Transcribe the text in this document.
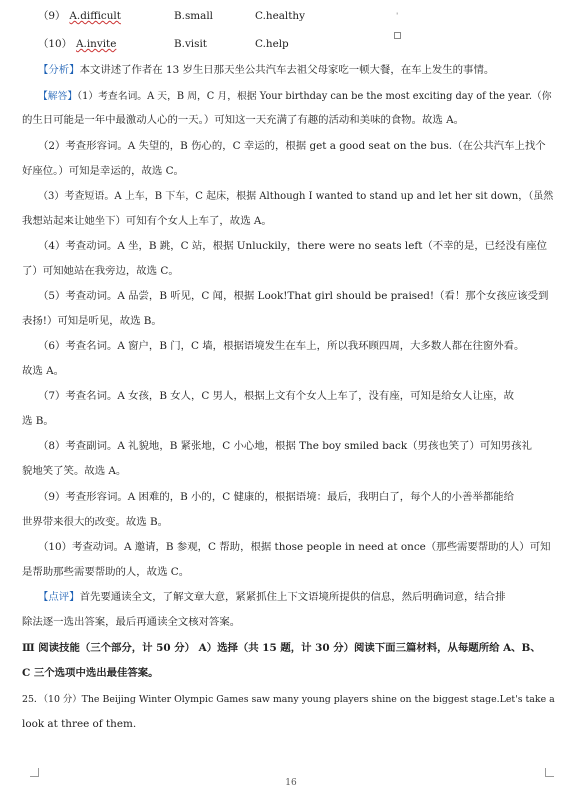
（9） A.difficult	B.small	C.healthy
（10） A.invite	B.visit	C.help
【分析】本文讲述了作者在 13 岁生日那天坐公共汽车去祖父母家吃一顿大餐，在车上发生的事情。
【解答】（1）考查名词。A 天，B 周，C 月，根据 Your birthday can be the most exciting day of the year.（你
的生日可能是一年中最激动人心的一天。）可知这一天充满了有趣的活动和美味的食物。故选 A。
（2）考查形容词。A 失望的，B 伤心的，C 幸运的，根据 get a good seat on the bus.（在公共汽车上找个
好座位。）可知是幸运的，故选 C。
（3）考查短语。A 上车，B 下车，C 起床，根据 Although I wanted to stand up and let her sit down，（虽然
我想站起来让她坐下）可知有个女人上车了，故选 A。
（4）考查动词。A 坐，B 跳，C 站，根据 Unluckily，there were no seats left（不幸的是，已经没有座位
了）可知她站在我旁边，故选 C。
（5）考查动词。A 品尝，B 听见，C 闻，根据 Look!That girl should be praised!（看！那个女孩应该受到
表扬!）可知是听见，故选 B。
（6）考查名词。A 窗户，B 门，C 墙，根据语境发生在车上，所以我环顾四周，大多数人都在往窗外看。
故选 A。
（7）考查名词。A 女孩，B 女人，C 男人，根据上文有个女人上车了，没有座，可知是给女人让座，故
选 B。
（8）考查副词。A 礼貌地，B 紧张地，C 小心地，根据 The boy smiled back（男孩也笑了）可知男孩礼
貌地笑了笑。故选 A。
（9）考查形容词。A 困难的，B 小的，C 健康的，根据语境：最后，我明白了，每个人的小善举都能给
世界带来很大的改变。故选 B。
（10）考查动词。A 邀请，B 参观，C 帮助，根据 those people in need at once（那些需要帮助的人）可知
是帮助那些需要帮助的人，故选 C。
【点评】首先要通读全文，了解文章大意，紧紧抓住上下文语境所提供的信息，然后明确词意，结合排
除法逐一选出答案，最后再通读全文核对答案。
Ⅲ 阅读技能（三个部分，计 50 分） A）选择（共 15 题，计 30 分）阅读下面三篇材料，从每题所给 A、B、
C 三个选项中选出最佳答案。
25．（10 分）The Beijing Winter Olympic Games saw many young players shine on the biggest stage.Let's take a
look at three of them.
ˈ
16
